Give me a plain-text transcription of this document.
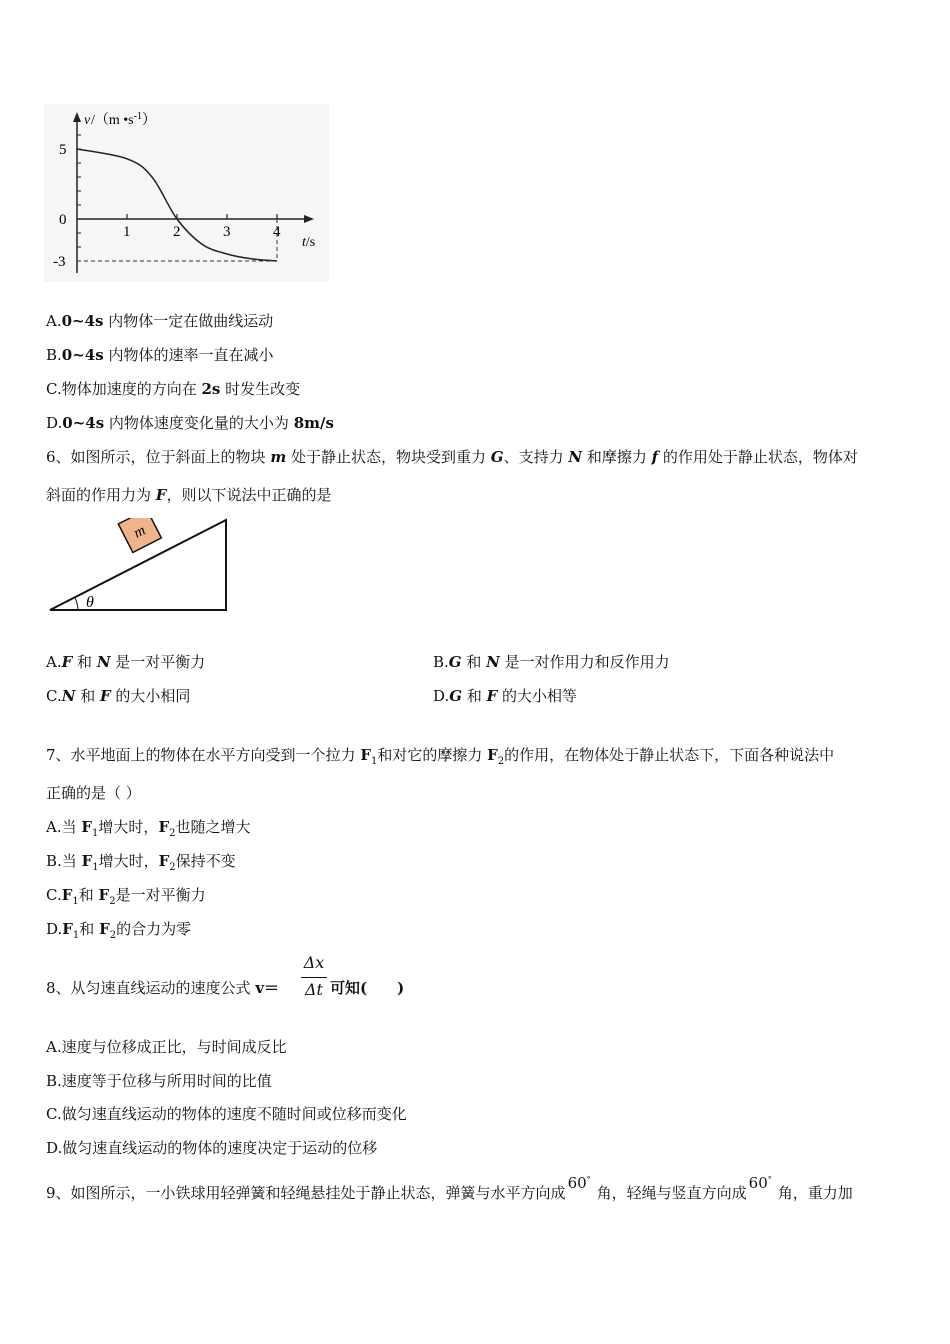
1	2	3	4
5
0
-3
v /（m $•s^{-1}$）
t/s
A.0~4s 内物体一定在做曲线运动
B.0~4s 内物体的速率一直在减小
C.物体加速度的方向在 2s 时发生改变
D.0~4s 内物体速度变化量的大小为 8m/s
6、如图所示，位于斜面上的物块 m 处于静止状态，物块受到重力 G、支持力 N 和摩擦力 f 的作用处于静止状态，物体对
斜面的作用力为 F，则以下说法中正确的是
m
θ
A.F 和 N 是一对平衡力	B.G 和 N 是一对作用力和反作用力
C.N 和 F 的大小相同	D.G 和 F 的大小相等
7、水平地面上的物体在水平方向受到一个拉力 $F_1$和对它的摩擦力 $F_2$的作用，在物体处于静止状态下，下面各种说法中
正确的是（ ）
A.当 $F_1$增大时，$F_2$也随之增大
B.当 $F_1$增大时，$F_2$保持不变
$C.F_1$和 $F_2$是一对平衡力
$D.F_1$和 $F_2$的合力为零
8、从匀速直线运动的速度公式 v＝
Δx
Δt 可知(　　)
A.速度与位移成正比，与时间成反比
B.速度等于位移与所用时间的比值
C.做匀速直线运动的物体的速度不随时间或位移而变化
D.做匀速直线运动的物体的速度决定于运动的位移
9、如图所示，一小铁球用轻弹簧和轻绳悬挂处于静止状态，弹簧与水平方向成60°角，轻绳与竖直方向成60°角，重力加
